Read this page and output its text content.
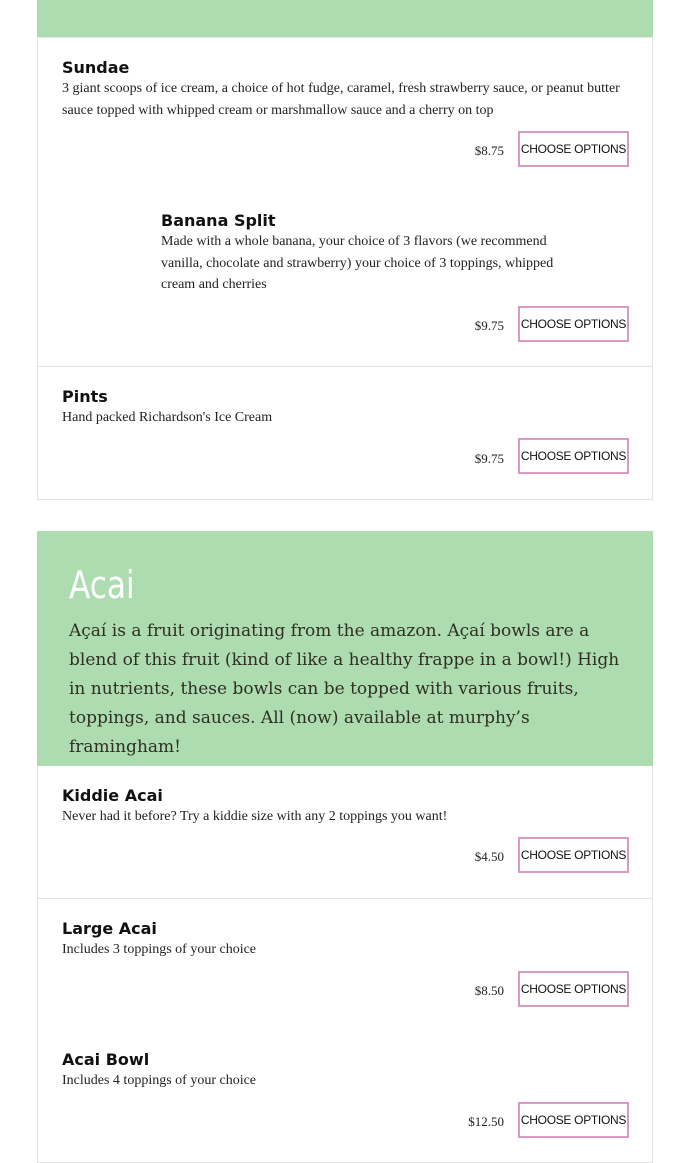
Sundae
3 giant scoops of ice cream, a choice of hot fudge, caramel, fresh strawberry sauce, or peanut butter sauce topped with whipped cream or marshmallow sauce and a cherry on top
$8.75 CHOOSE OPTIONS
Banana Split
Made with a whole banana, your choice of 3 flavors (we recommend vanilla, chocolate and strawberry) your choice of 3 toppings, whipped cream and cherries
$9.75 CHOOSE OPTIONS
Pints
Hand packed Richardson's Ice Cream
$9.75 CHOOSE OPTIONS
Acai
Açaí is a fruit originating from the amazon. Açaí bowls are a blend of this fruit (kind of like a healthy frappe in a bowl!) High in nutrients, these bowls can be topped with various fruits, toppings, and sauces. All (now) available at murphy’s framingham!
Kiddie Acai
Never had it before? Try a kiddie size with any 2 toppings you want!
$4.50 CHOOSE OPTIONS
Large Acai
Includes 3 toppings of your choice
$8.50 CHOOSE OPTIONS
Acai Bowl
Includes 4 toppings of your choice
$12.50 CHOOSE OPTIONS
